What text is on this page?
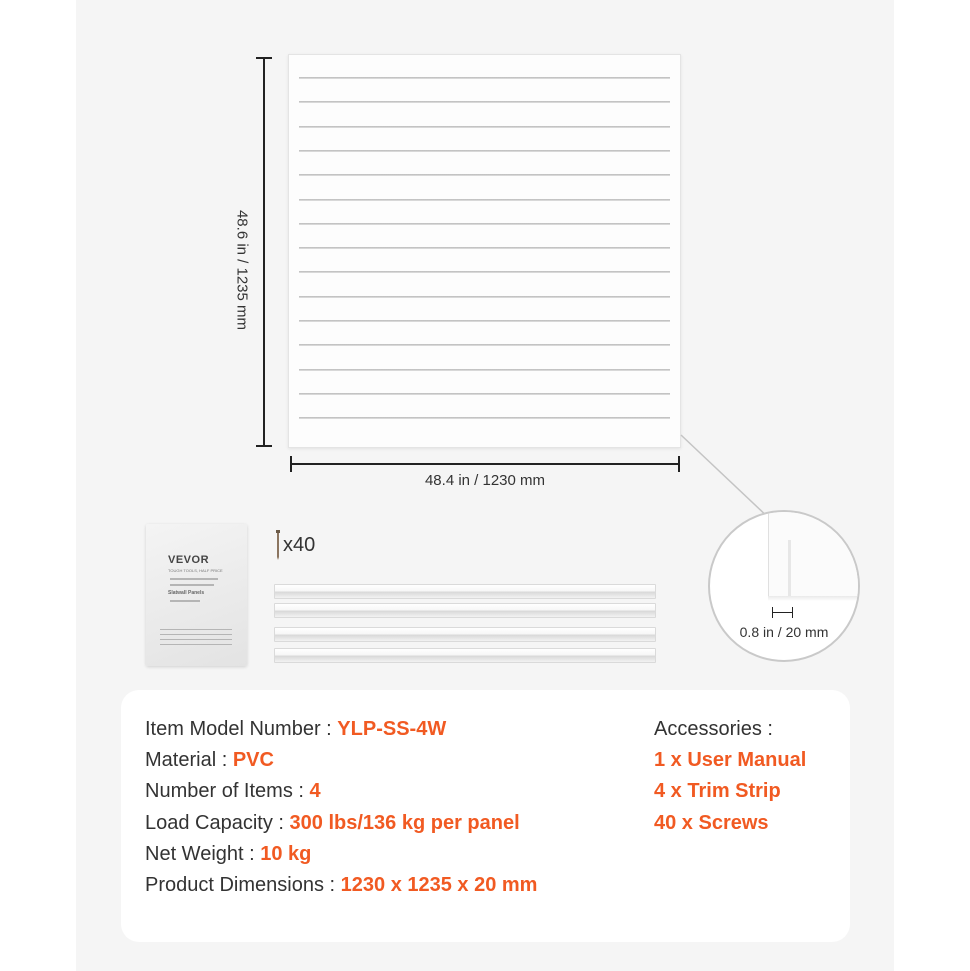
48.6 in / 1235 mm
48.4 in / 1230 mm
VEVOR
TOUGH TOOLS, HALF PRICE
Slatwall Panels
x40
0.8 in / 20 mm
Item Model Number : YLP-SS-4W
Material : PVC
Number of Items : 4
Load Capacity : 300 lbs/136 kg per panel
Net Weight : 10 kg
Product Dimensions : 1230 x 1235 x 20 mm
Accessories :
1 x User Manual
4 x Trim Strip
40 x Screws
